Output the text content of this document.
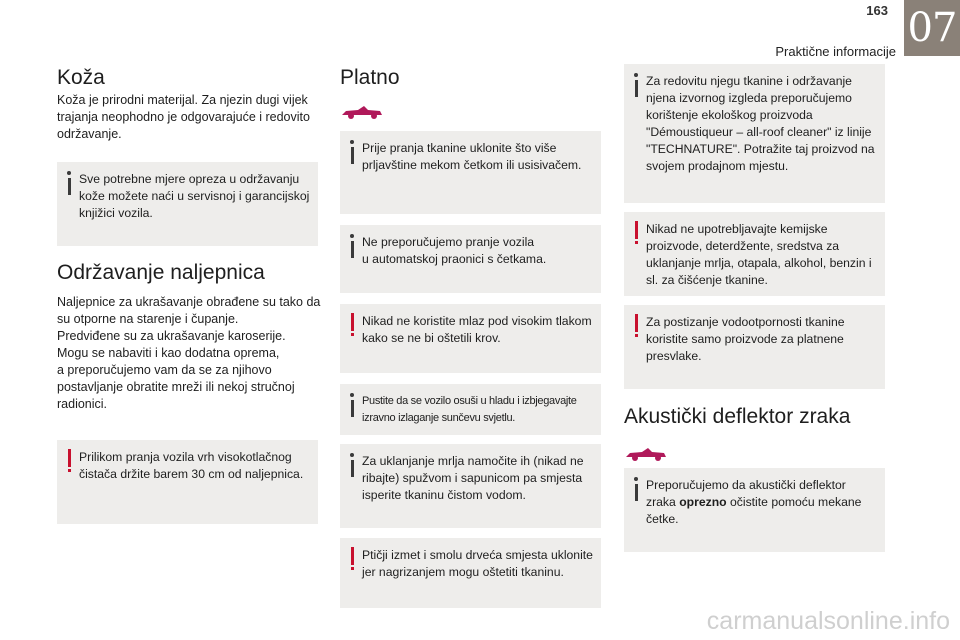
163
Praktične informacije
07
Koža
Koža je prirodni materijal. Za njezin dugi vijek trajanja neophodno je odgovarajuće i redovito održavanje.
Sve potrebne mjere opreza u održavanju kože možete naći u servisnoj i garancijskoj knjižici vozila.
Održavanje naljepnica
Naljepnice za ukrašavanje obrađene su tako da su otporne na starenje i čupanje.
Predviđene su za ukrašavanje karoserije.
Mogu se nabaviti i kao dodatna oprema,
a preporučujemo vam da se za njihovo postavljanje obratite mreži ili nekoj stručnoj radionici.
Prilikom pranja vozila vrh visokotlačnog čistača držite barem 30 cm od naljepnica.
Platno
Prije pranja tkanine uklonite što više prljavštine mekom četkom ili usisivačem.
Ne preporučujemo pranje vozila
u automatskoj praonici s četkama.
Nikad ne koristite mlaz pod visokim tlakom kako se ne bi oštetili krov.
Pustite da se vozilo osuši u hladu i izbjegavajte izravno izlaganje sunčevu svjetlu.
Za uklanjanje mrlja namočite ih (nikad ne ribajte) spužvom i sapunicom pa smjesta isperite tkaninu čistom vodom.
Ptičji izmet i smolu drveća smjesta uklonite jer nagrizanjem mogu oštetiti tkaninu.
Za redovitu njegu tkanine i održavanje njena izvornog izgleda preporučujemo korištenje ekološkog proizvoda "Démoustiqueur – all-roof cleaner" iz linije "TECHNATURE". Potražite taj proizvod na svojem prodajnom mjestu.
Nikad ne upotrebljavajte kemijske proizvode, deterdžente, sredstva za uklanjanje mrlja, otapala, alkohol, benzin i sl. za čišćenje tkanine.
Za postizanje vodootpornosti tkanine koristite samo proizvode za platnene presvlake.
Akustički deflektor zraka
Preporučujemo da akustički deflektor zraka oprezno očistite pomoću mekane četke.
carmanualsonline.info
